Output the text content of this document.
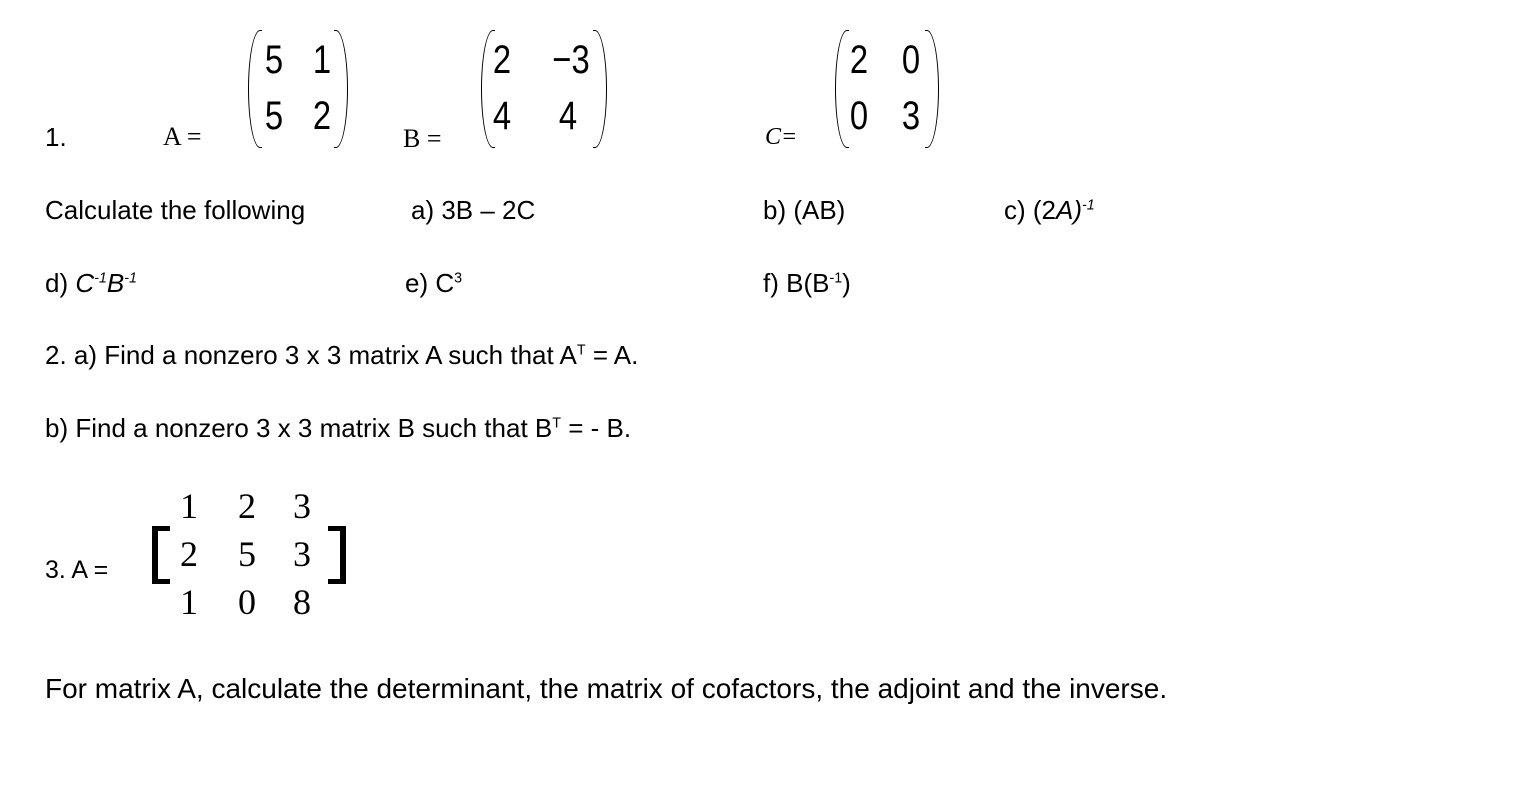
1.	A =
5 1
5 2
B =
2 −3
4 4	C=
2 0
0 3
Calculate the following	a) 3B – 2C	b) (AB)	c) $(2A)^{-1}$
d) $C^{-1}B^{-1}$	e) $C^3$	f) $B(B^{-1})$
2. a) Find a nonzero 3 x 3 matrix A such that $A^T = A$.
b) Find a nonzero 3 x 3 matrix B such that $B^T$ = - B.
3. A =
1 2 3
2 5 3
1 0 8
For matrix A, calculate the determinant, the matrix of cofactors, the adjoint and the inverse.
